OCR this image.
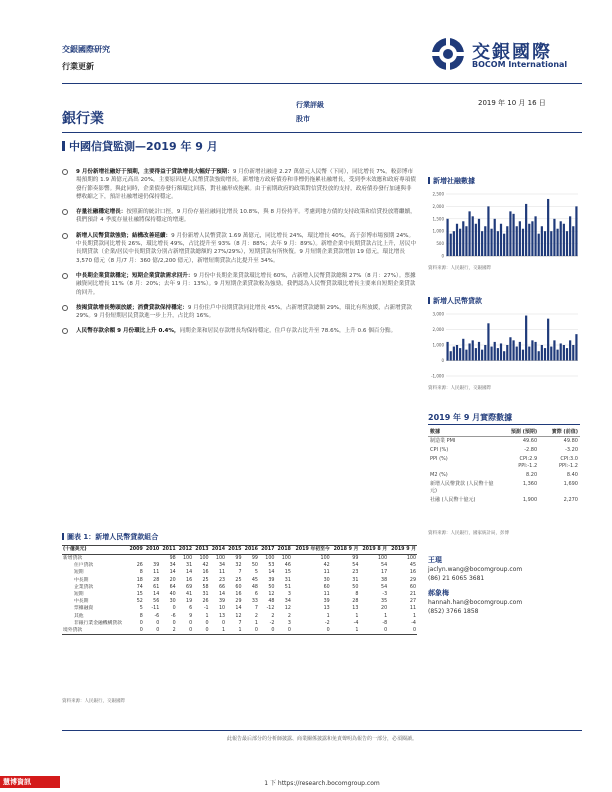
交銀國際研究
行業更新
交銀國際
BOCOM International
銀行業
行業評級
股市
2019 年 10 月 16 日
中國信貸監測—2019 年 9 月
9 月份新增社融好于預期，主要得益于貸款增長大幅好于預期：9 月份新增社融達 2.27 萬億元人民幣（下同），同比增長 7%，較彭博市場預期的 1.9 萬億元高出 20%，主要原因是人民幣貸款強勁增長。新增地方政府債券和非標仍拖累社融增長，受到季末效應和政府專項債發行節奏影響。與此同時，企業債券發行額環比回落，對社融形成拖累。由于前期政府的政策對信貸投放的支持，政府債券發行加速與非標收縮之下，預計社融增速仍保持穩定。
存量社融穩定增長：按照新的統計口徑，9 月份存量社融同比增長 10.8%，與 8 月份持平。考慮到地方債的支持政策和信貸投放將繼續，我們預計 4 季度存量社融將保持穩定的增速。
新增人民幣貸款強勁；結構改善延續：9 月份新增人民幣貸款 1.69 萬億元，同比增長 24%，環比增長 40%，高于彭博市場預期 24%。中長期貸款同比增長 26%，環比增長 49%，占比提升至 93%（8 月：88%；去年 9 月：89%）。新增企業中長期貸款占比上升，居民中長期貸款（企業/居民中長期貸款分別占新增貸款總額的 27%/29%），短期貸款有所恢復。9 月短期企業貸款增加 19 億元，環比增長 3,570 億元（8 月/7 月：360 億/2,200 億元），新增短期貸款占比提升至 34%。
中長期企業貸款穩定；短期企業貸款需求回升：9 月份中長期企業貸款環比增長 60%，占新增人民幣貸款總額 27%（8 月：27%）。票據融資同比增長 11%（8 月：20%；去年 9 月：13%）。9 月短期企業貸款較為強勁，我們認為人民幣貸款環比增長主要來自短期企業貸款的回升。
按揭貸款增長勢頭放緩；消費貸款保持穩定：9 月份住戶中長期貸款同比增長 45%，占新增貸款總額 29%，環比有所放緩，占新增貸款 29%。9 月份短期居民貸款進一步上升，占比約 16%。
人民幣存款余額 9 月份環比上升 0.4%，同期企業和居民存款增長均保持穩定，住戶存款占比升至 78.6%，上升 0.6 個百分點。
新增社融數據
0
500
1,000
1,500
2,000
2,500
資料來源：人民銀行，交銀國際
新增人民幣貸款
-1,000
0
1,000
2,000
3,000
資料來源：人民銀行，交銀國際
2019 年 9 月實際數據
數據	預測 (預期)	實際 (前值)
制造業 PMI	49.60	49.80
CPI (%)	-2.80	-3.20
PPI (%)	CPI:2.9 PPI:-1.2	CPI:3.0 PPI:-1.2
M2 (%)	8.20	8.40
新增人民幣貸款 (人民幣十億元)	1,360	1,690
社融 (人民幣十億元)	1,900	2,270
資料來源：人民銀行，國家統計局，彭博
王琨
jaclyn.wang@bocomgroup.com
(86) 21 6065 3681
郝象梅
hannah.han@bocomgroup.com
(852) 3766 1858
圖表 1：新增人民幣貸款組合
(十億美元)	2009	2010	2011	2012	2013	2014	2015	2016	2017	2018	2019 年初至今	2018 9 月	2019 8 月	2019 9 月
新增貸款			98	100	100	100	99	99	100	100	100	99	100	100
住戶貸款	26	39	34	31	42	34	32	50	53	46	42	54	54	45
短期	8	11	14	14	16	11	7	5	14	15	11	23	17	16
中長期	18	28	20	16	25	23	25	45	39	31	30	31	38	29
企業貸款	74	61	64	69	58	66	60	48	50	51	60	50	54	60
短期	15	14	40	41	31	14	16	6	12	3	11	8	-3	21
中長期	52	56	30	19	26	39	29	33	48	34	39	28	35	27
票據融資	5	-11	0	6	-1	10	14	7	-12	12	13	13	20	11
其他	8	-6	-6	9	1	13	12	2	2	2	1	1	1	1
非銀行業金融機構貸款	0	0	0	0	0	0	7	1	-2	3	-2	-4	-8	-4
境外貸款	0	0	2	0	0	1	1	0	0	0	0	1	0	0
資料來源：人民銀行，交銀國際
此報告最后部分的分析師披露、商業關係披露和免責聲明為報告的一部分，必須閱讀。
1 下 https://research.bocomgroup.com
慧博資訊
